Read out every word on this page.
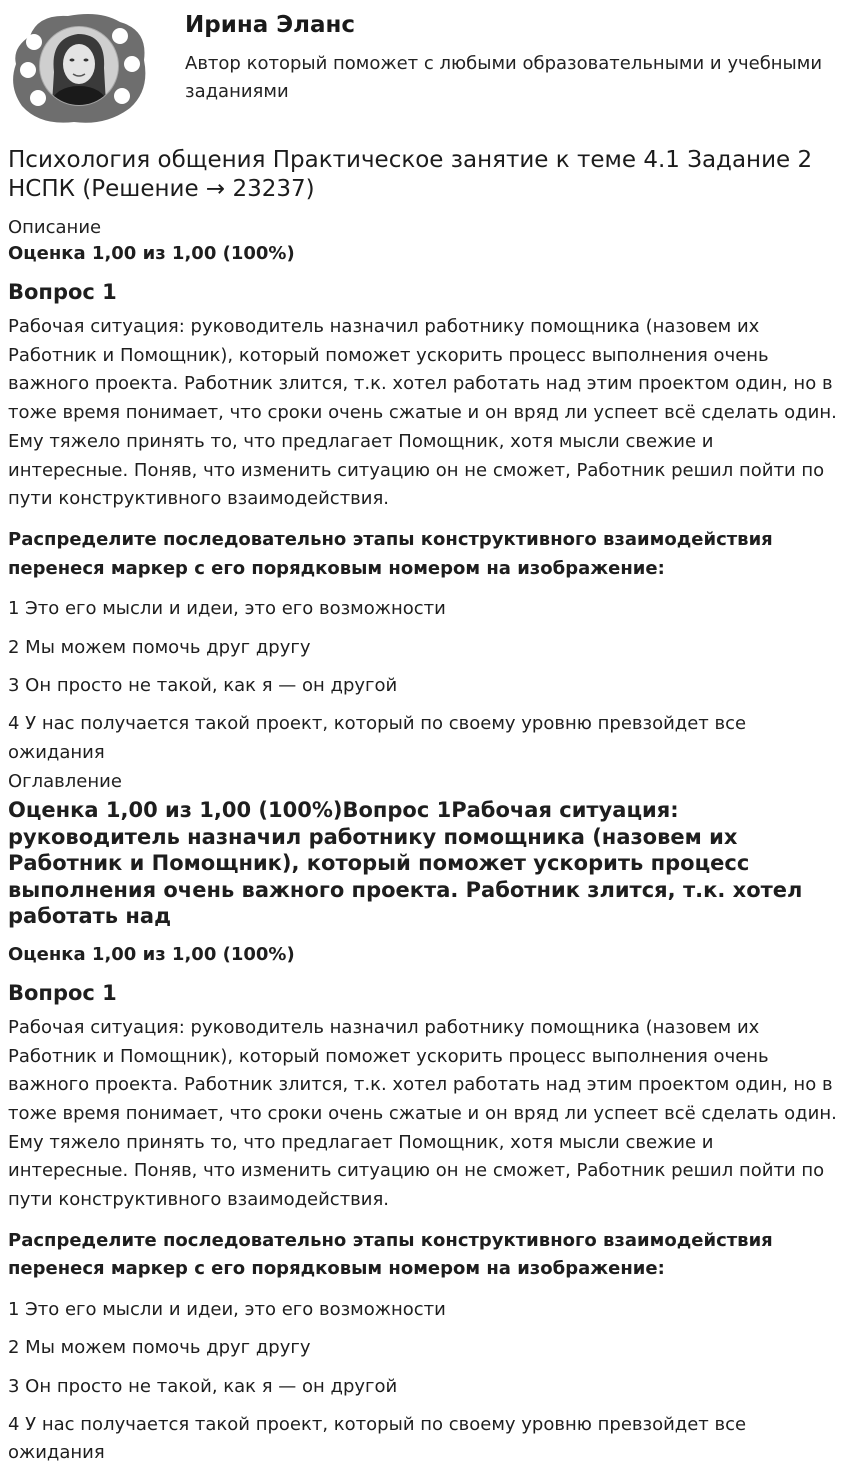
Ирина Эланс
Автор который поможет с любыми образовательными и учебными заданиями
Психология общения Практическое занятие к теме 4.1 Задание 2 НСПК (Решение → 23237)
Описание
Оценка 1,00 из 1,00 (100%)
Вопрос 1
Рабочая ситуация: руководитель назначил работнику помощника (назовем их Работник и Помощник), который поможет ускорить процесс выполнения очень важного проекта. Работник злится, т.к. хотел работать над этим проектом один, но в тоже время понимает, что сроки очень сжатые и он вряд ли успеет всё сделать один. Ему тяжело принять то, что предлагает Помощник, хотя мысли свежие и интересные. Поняв, что изменить ситуацию он не сможет, Работник решил пойти по пути конструктивного взаимодействия.
Распределите последовательно этапы конструктивного взаимодействия перенеся маркер с его порядковым номером на изображение:
1 Это его мысли и идеи, это его возможности
2 Мы можем помочь друг другу
3 Он просто не такой, как я — он другой
4 У нас получается такой проект, который по своему уровню превзойдет все ожидания
Оглавление
Оценка 1,00 из 1,00 (100%)Вопрос 1Рабочая ситуация: руководитель назначил работнику помощника (назовем их Работник и Помощник), который поможет ускорить процесс выполнения очень важного проекта. Работник злится, т.к. хотел работать над
Оценка 1,00 из 1,00 (100%)
Вопрос 1
Рабочая ситуация: руководитель назначил работнику помощника (назовем их Работник и Помощник), который поможет ускорить процесс выполнения очень важного проекта. Работник злится, т.к. хотел работать над этим проектом один, но в тоже время понимает, что сроки очень сжатые и он вряд ли успеет всё сделать один. Ему тяжело принять то, что предлагает Помощник, хотя мысли свежие и интересные. Поняв, что изменить ситуацию он не сможет, Работник решил пойти по пути конструктивного взаимодействия.
Распределите последовательно этапы конструктивного взаимодействия перенеся маркер с его порядковым номером на изображение:
1 Это его мысли и идеи, это его возможности
2 Мы можем помочь друг другу
3 Он просто не такой, как я — он другой
4 У нас получается такой проект, который по своему уровню превзойдет все ожидания
